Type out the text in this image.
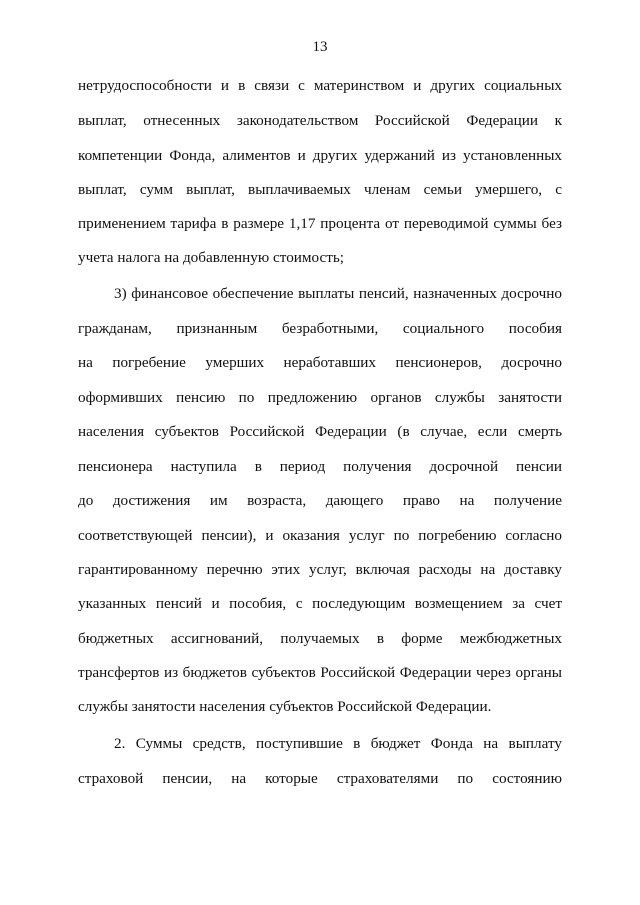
13
нетрудоспособности и в связи с материнством и других социальных
выплат, отнесенных законодательством Российской Федерации к
компетенции Фонда, алиментов и других удержаний из установленных
выплат, сумм выплат, выплачиваемых членам семьи умершего, с
применением тарифа в размере 1,17 процента от переводимой суммы без
учета налога на добавленную стоимость;
3) финансовое обеспечение выплаты пенсий, назначенных досрочно
гражданам, признанным безработными, социального пособия
на погребение умерших неработавших пенсионеров, досрочно
оформивших пенсию по предложению органов службы занятости
населения субъектов Российской Федерации (в случае, если смерть
пенсионера наступила в период получения досрочной пенсии
до достижения им возраста, дающего право на получение
соответствующей пенсии), и оказания услуг по погребению согласно
гарантированному перечню этих услуг, включая расходы на доставку
указанных пенсий и пособия, с последующим возмещением за счет
бюджетных ассигнований, получаемых в форме межбюджетных
трансфертов из бюджетов субъектов Российской Федерации через органы
службы занятости населения субъектов Российской Федерации.
2. Суммы средств, поступившие в бюджет Фонда на выплату
страховой пенсии, на которые страхователями по состоянию
